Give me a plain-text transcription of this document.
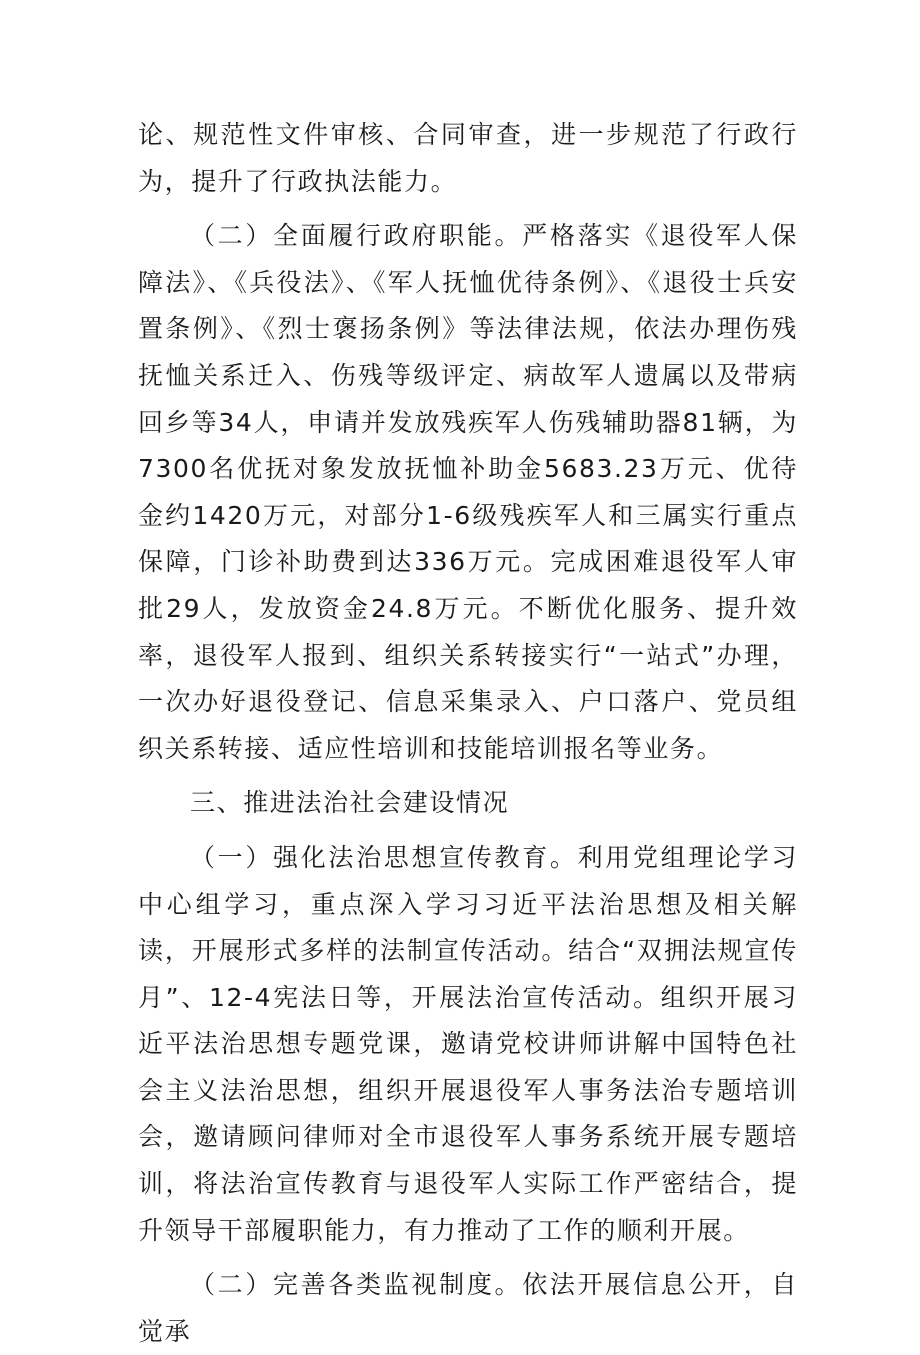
论、规范性文件审核、合同审查，进一步规范了行政行为，提升了行政执法能力。

（二）全面履行政府职能。严格落实《退役军人保障法》、《兵役法》、《军人抚恤优待条例》、《退役士兵安置条例》、《烈士褒扬条例》等法律法规，依法办理伤残抚恤关系迁入、伤残等级评定、病故军人遗属以及带病回乡等34人，申请并发放残疾军人伤残辅助器81辆，为7300名优抚对象发放抚恤补助金5683.23万元、优待金约1420万元，对部分1-6级残疾军人和三属实行重点保障，门诊补助费到达336万元。完成困难退役军人审批29人，发放资金24.8万元。不断优化服务、提升效率，退役军人报到、组织关系转接实行“一站式”办理，一次办好退役登记、信息采集录入、户口落户、党员组织关系转接、适应性培训和技能培训报名等业务。

三、推进法治社会建设情况

（一）强化法治思想宣传教育。利用党组理论学习中心组学习，重点深入学习习近平法治思想及相关解读，开展形式多样的法制宣传活动。结合“双拥法规宣传月”、12-4宪法日等，开展法治宣传活动。组织开展习近平法治思想专题党课，邀请党校讲师讲解中国特色社会主义法治思想，组织开展退役军人事务法治专题培训会，邀请顾问律师对全市退役军人事务系统开展专题培训，将法治宣传教育与退役军人实际工作严密结合，提升领导干部履职能力，有力推动了工作的顺利开展。

（二）完善各类监视制度。依法开展信息公开，自觉承
